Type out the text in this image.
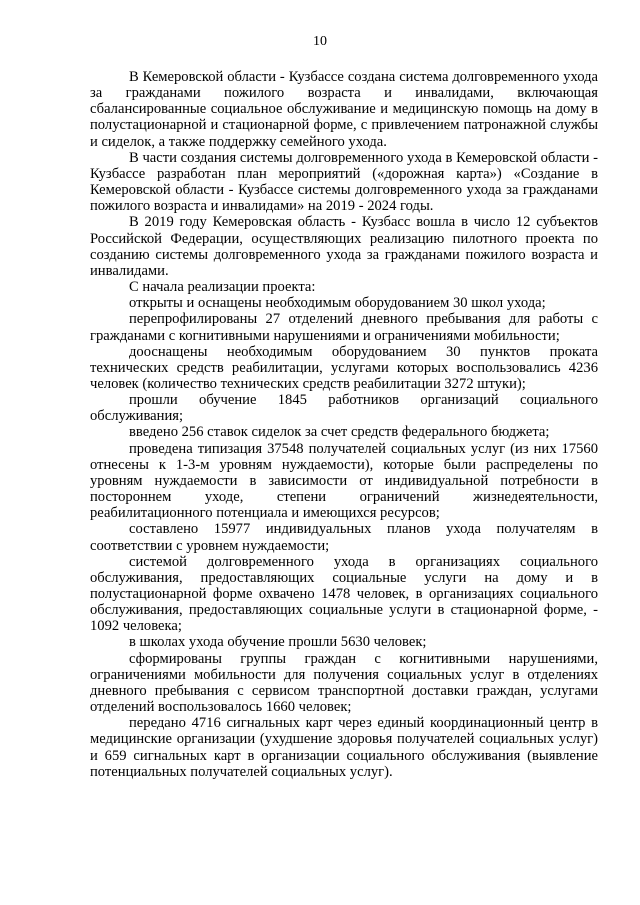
10

В Кемеровской области - Кузбассе создана система долговременного ухода за гражданами пожилого возраста и инвалидами, включающая сбалансированные социальное обслуживание и медицинскую помощь на дому в полустационарной и стационарной форме, с привлечением патронажной службы и сиделок, а также поддержку семейного ухода.

В части создания системы долговременного ухода в Кемеровской области - Кузбассе разработан план мероприятий («дорожная карта») «Создание в Кемеровской области - Кузбассе системы долговременного ухода за гражданами пожилого возраста и инвалидами» на 2019 - 2024 годы.

В 2019 году Кемеровская область - Кузбасс вошла в число 12 субъектов Российской Федерации, осуществляющих реализацию пилотного проекта по созданию системы долговременного ухода за гражданами пожилого возраста и инвалидами.

С начала реализации проекта:

открыты и оснащены необходимым оборудованием 30 школ ухода;

перепрофилированы 27 отделений дневного пребывания для работы с гражданами с когнитивными нарушениями и ограничениями мобильности;

дооснащены необходимым оборудованием 30 пунктов проката технических средств реабилитации, услугами которых воспользовались 4236 человек (количество технических средств реабилитации 3272 штуки);

прошли обучение 1845 работников организаций социального обслуживания;

введено 256 ставок сиделок за счет средств федерального бюджета;

проведена типизация 37548 получателей социальных услуг (из них 17560 отнесены к 1-3-м уровням нуждаемости), которые были распределены по уровням нуждаемости в зависимости от индивидуальной потребности в постороннем уходе, степени ограничений жизнедеятельности, реабилитационного потенциала и имеющихся ресурсов;

составлено 15977 индивидуальных планов ухода получателям в соответствии с уровнем нуждаемости;

системой долговременного ухода в организациях социального обслуживания, предоставляющих социальные услуги на дому и в полустационарной форме охвачено 1478 человек, в организациях социального обслуживания, предоставляющих социальные услуги в стационарной форме, - 1092 человека;

в школах ухода обучение прошли 5630 человек;

сформированы группы граждан с когнитивными нарушениями, ограничениями мобильности для получения социальных услуг в отделениях дневного пребывания с сервисом транспортной доставки граждан, услугами отделений воспользовалось 1660 человек;

передано 4716 сигнальных карт через единый координационный центр в медицинские организации (ухудшение здоровья получателей социальных услуг) и 659 сигнальных карт в организации социального обслуживания (выявление потенциальных получателей социальных услуг).
